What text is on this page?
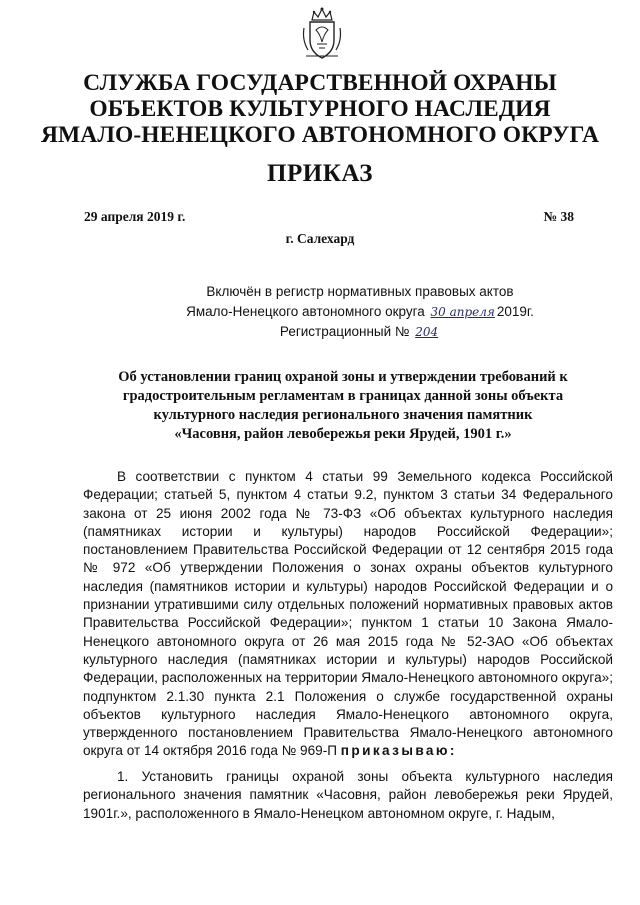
СЛУЖБА ГОСУДАРСТВЕННОЙ ОХРАНЫ
ОБЪЕКТОВ КУЛЬТУРНОГО НАСЛЕДИЯ
ЯМАЛО-НЕНЕЦКОГО АВТОНОМНОГО ОКРУГА
ПРИКАЗ
29 апреля 2019 г.	№ 38
г. Салехард
Включён в регистр нормативных правовых актов
Ямало-Ненецкого автономного округа 30 апреля 2019г.
Регистрационный № 204
Об установлении границ охраной зоны и утверждении требований к
градостроительным регламентам в границах данной зоны объекта
культурного наследия регионального значения памятник
«Часовня, район левобережья реки Ярудей, 1901 г.»

В соответствии с пунктом 4 статьи 99 Земельного кодекса Российской Федерации; статьей 5, пунктом 4 статьи 9.2, пунктом 3 статьи 34 Федерального закона от 25 июня 2002 года № 73-ФЗ «Об объектах культурного наследия (памятниках истории и культуры) народов Российской Федерации»; постановлением Правительства Российской Федерации от 12 сентября 2015 года № 972 «Об утверждении Положения о зонах охраны объектов культурного наследия (памятников истории и культуры) народов Российской Федерации и о признании утратившими силу отдельных положений нормативных правовых актов Правительства Российской Федерации»; пунктом 1 статьи 10 Закона Ямало-Ненецкого автономного округа от 26 мая 2015 года № 52-ЗАО «Об объектах культурного наследия (памятниках истории и культуры) народов Российской Федерации, расположенных на территории Ямало-Ненецкого автономного округа»; подпунктом 2.1.30 пункта 2.1 Положения о службе государственной охраны объектов культурного наследия Ямало-Ненецкого автономного округа, утвержденного постановлением Правительства Ямало-Ненецкого автономного округа от 14 октября 2016 года № 969-П приказываю:

1. Установить границы охраной зоны объекта культурного наследия регионального значения памятник «Часовня, район левобережья реки Ярудей, 1901г.», расположенного в Ямало-Ненецком автономном округе, г. Надым,
